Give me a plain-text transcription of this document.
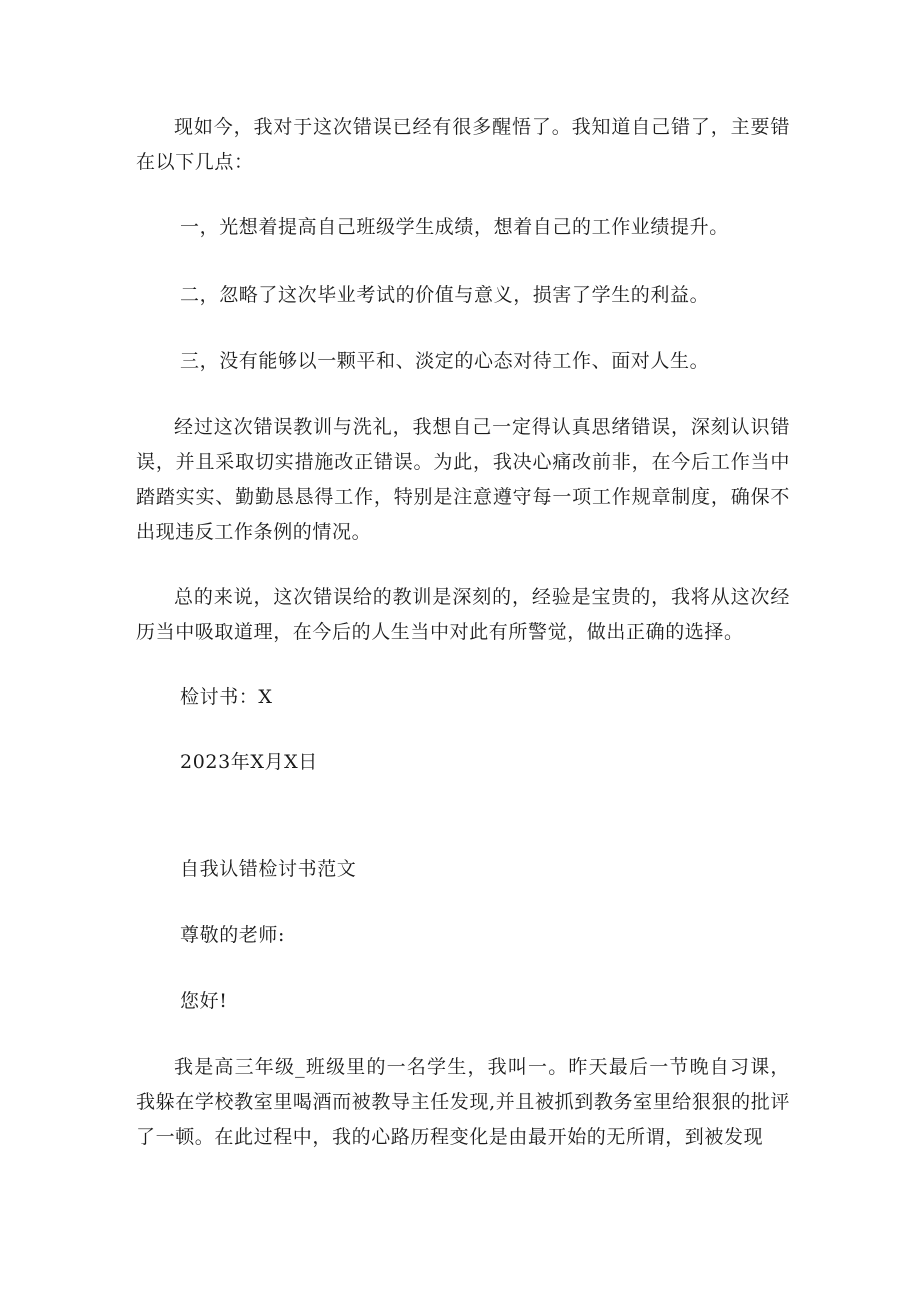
现如今，我对于这次错误已经有很多醒悟了。我知道自己错了，主要错在以下几点：

一，光想着提高自己班级学生成绩，想着自己的工作业绩提升。

二，忽略了这次毕业考试的价值与意义，损害了学生的利益。

三，没有能够以一颗平和、淡定的心态对待工作、面对人生。

经过这次错误教训与洗礼，我想自己一定得认真思绪错误，深刻认识错误，并且采取切实措施改正错误。为此，我决心痛改前非，在今后工作当中踏踏实实、勤勤恳恳得工作，特别是注意遵守每一项工作规章制度，确保不出现违反工作条例的情况。

总的来说，这次错误给的教训是深刻的，经验是宝贵的，我将从这次经历当中吸取道理，在今后的人生当中对此有所警觉，做出正确的选择。

检讨书：X

2023年X月X日

自我认错检讨书范文

尊敬的老师:

您好!

我是高三年级_班级里的一名学生，我叫一。昨天最后一节晚自习课，我躲在学校教室里喝酒而被教导主任发现,并且被抓到教务室里给狠狠的批评了一顿。在此过程中，我的心路历程变化是由最开始的无所谓，到被发现
